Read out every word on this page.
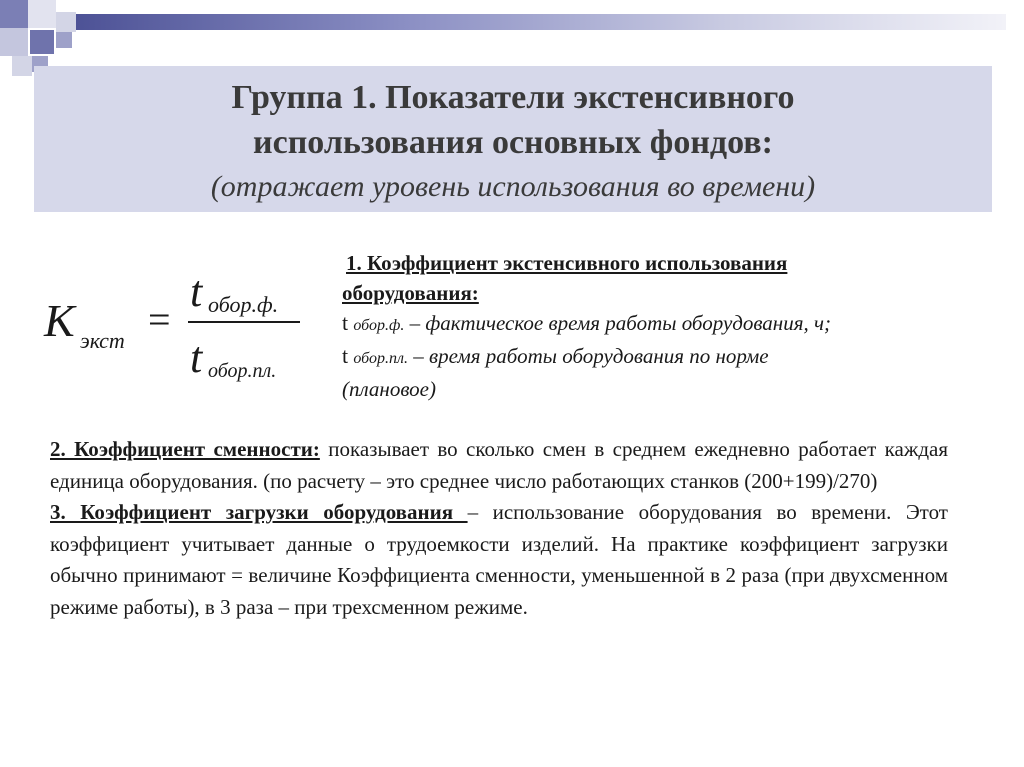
Группа 1. Показатели экстенсивного
использования основных фондов:
(отражает уровень использования во времени)
K экст =
t обор.ф.
t обор.пл.
1. Коэффициент экстенсивного использования
оборудования:
t обор.ф. – фактическое время работы оборудования, ч;
t обор.пл. – время работы оборудования по норме
(плановое)

2. Коэффициент сменности: показывает во сколько смен в среднем ежедневно работает каждая единица оборудования. (по расчету – это среднее число работающих станков (200+199)/270)

3. Коэффициент загрузки оборудования – использование оборудования во времени. Этот коэффициент учитывает данные о трудоемкости изделий. На практике коэффициент загрузки обычно принимают = величине Коэффициента сменности, уменьшенной в 2 раза (при двухсменном режиме работы), в 3 раза – при трехсменном режиме.
